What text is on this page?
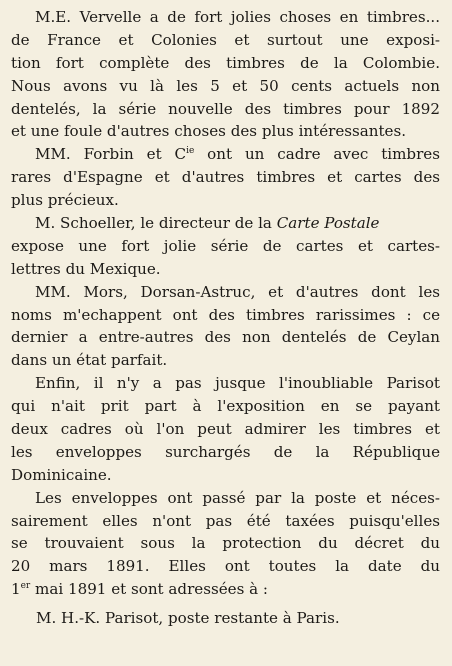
M.E. Vervelle a de fort jolies choses en timbres...
de France et Colonies et surtout une exposi-
tion fort complète des timbres de la Colombie.
Nous avons vu là les 5 et 50 cents actuels non
dentelés, la série nouvelle des timbres pour 1892
et une foule d'autres choses des plus intéressantes.
MM. Forbin et $C^{ie}$ ont un cadre avec timbres
rares d'Espagne et d'autres timbres et cartes des
plus précieux.
M. Schoeller, le directeur de la Carte Postale
expose une fort jolie série de cartes et cartes-
lettres du Mexique.
MM. Mors, Dorsan-Astruc, et d'autres dont les
noms m'echappent ont des timbres rarissimes : ce
dernier a entre-autres des non dentelés de Ceylan
dans un état parfait.
Enfin, il n'y a pas jusque l'inoubliable Parisot
qui n'ait prit part à l'exposition en se payant
deux cadres où l'on peut admirer les timbres et
les enveloppes surchargés de la République
Dominicaine.
Les enveloppes ont passé par la poste et néces-
sairement elles n'ont pas été taxées puisqu'elles
se trouvaient sous la protection du décret du
20 mars 1891. Elles ont toutes la date du
1er mai 1891 et sont adressées à :
M. H.-K. Parisot, poste restante à Paris.
